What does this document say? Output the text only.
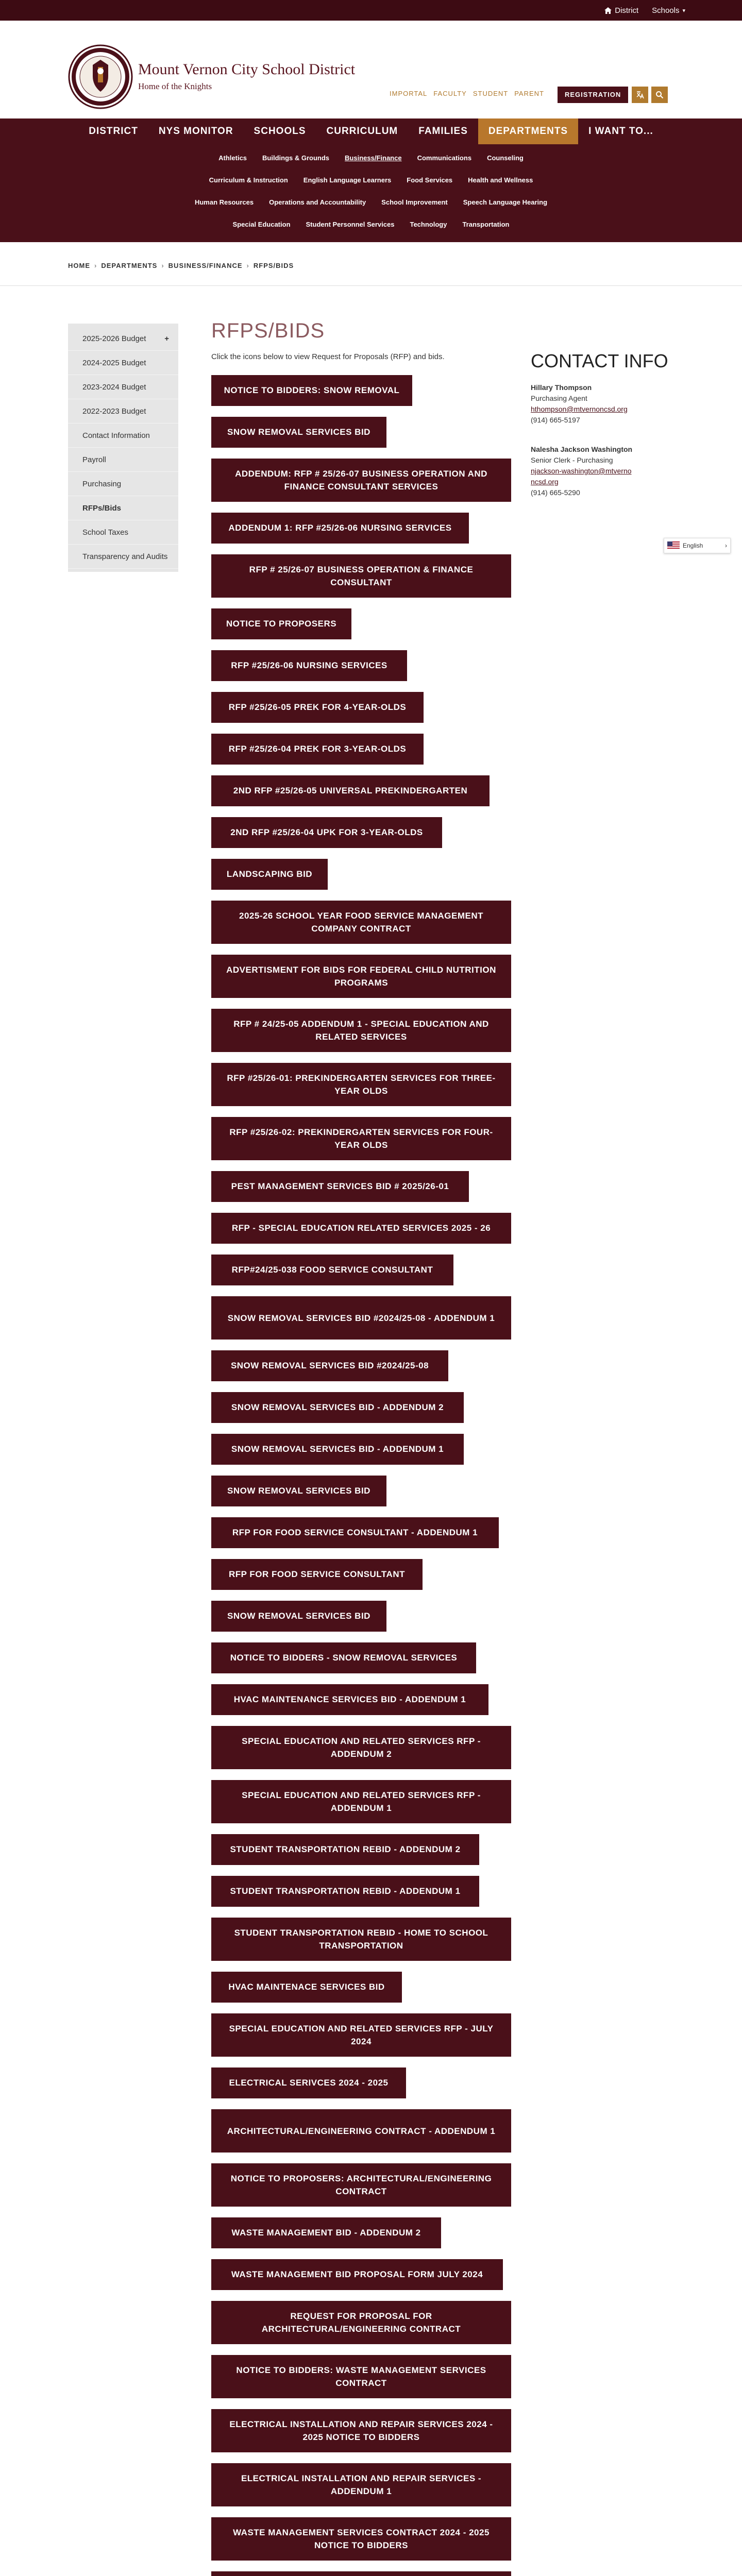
District Schools ▾
Mount Vernon City School District
Home of the Knights
IMPORTAL FACULTY STUDENT PARENT	REGISTRATION
DISTRICT	NYS MONITOR	SCHOOLS	CURRICULUM	FAMILIES	DEPARTMENTS	I WANT TO...
Athletics Buildings & Grounds Business/Finance Communications Counseling
Curriculum & Instruction English Language Learners Food Services Health and Wellness
Human Resources Operations and Accountability School Improvement Speech Language Hearing
Special Education Student Personnel Services Technology Transportation
HOME › DEPARTMENTS › BUSINESS/FINANCE › RFPS/BIDS
2025-2026 Budget +
2024-2025 Budget
2023-2024 Budget
2022-2023 Budget
Contact Information
Payroll
Purchasing
RFPs/Bids
School Taxes
Transparency and Audits
RFPS/BIDS
Click the icons below to view Request for Proposals (RFP) and bids.
NOTICE TO BIDDERS: SNOW REMOVAL
SNOW REMOVAL SERVICES BID
ADDENDUM: RFP # 25/26-07 BUSINESS OPERATION AND FINANCE CONSULTANT SERVICES
ADDENDUM 1: RFP #25/26-06 NURSING SERVICES
RFP # 25/26-07 BUSINESS OPERATION & FINANCE CONSULTANT
NOTICE TO PROPOSERS
RFP #25/26-06 NURSING SERVICES
RFP #25/26-05 PREK FOR 4-YEAR-OLDS
RFP #25/26-04 PREK FOR 3-YEAR-OLDS
2ND RFP #25/26-05 UNIVERSAL PREKINDERGARTEN
2ND RFP #25/26-04 UPK FOR 3-YEAR-OLDS
LANDSCAPING BID
2025-26 SCHOOL YEAR FOOD SERVICE MANAGEMENT COMPANY CONTRACT
ADVERTISMENT FOR BIDS FOR FEDERAL CHILD NUTRITION PROGRAMS
RFP # 24/25-05 ADDENDUM 1 - SPECIAL EDUCATION AND RELATED SERVICES
RFP #25/26-01: PREKINDERGARTEN SERVICES FOR THREE-YEAR OLDS
RFP #25/26-02: PREKINDERGARTEN SERVICES FOR FOUR-YEAR OLDS
PEST MANAGEMENT SERVICES BID # 2025/26-01
RFP - SPECIAL EDUCATION RELATED SERVICES 2025 - 26
RFP#24/25-038 FOOD SERVICE CONSULTANT
SNOW REMOVAL SERVICES BID #2024/25-08 - ADDENDUM 1
SNOW REMOVAL SERVICES BID #2024/25-08
SNOW REMOVAL SERVICES BID - ADDENDUM 2
SNOW REMOVAL SERVICES BID - ADDENDUM 1
SNOW REMOVAL SERVICES BID
RFP FOR FOOD SERVICE CONSULTANT - ADDENDUM 1
RFP FOR FOOD SERVICE CONSULTANT
SNOW REMOVAL SERVICES BID
NOTICE TO BIDDERS - SNOW REMOVAL SERVICES
HVAC MAINTENANCE SERVICES BID - ADDENDUM 1
SPECIAL EDUCATION AND RELATED SERVICES RFP - ADDENDUM 2
SPECIAL EDUCATION AND RELATED SERVICES RFP - ADDENDUM 1
STUDENT TRANSPORTATION REBID - ADDENDUM 2
STUDENT TRANSPORTATION REBID - ADDENDUM 1
STUDENT TRANSPORTATION REBID - HOME TO SCHOOL TRANSPORTATION
HVAC MAINTENACE SERVICES BID
SPECIAL EDUCATION AND RELATED SERVICES RFP - JULY 2024
ELECTRICAL SERIVCES 2024 - 2025
ARCHITECTURAL/ENGINEERING CONTRACT - ADDENDUM 1
NOTICE TO PROPOSERS: ARCHITECTURAL/ENGINEERING CONTRACT
WASTE MANAGEMENT BID - ADDENDUM 2
WASTE MANAGEMENT BID PROPOSAL FORM JULY 2024
REQUEST FOR PROPOSAL FOR ARCHITECTURAL/ENGINEERING CONTRACT
NOTICE TO BIDDERS: WASTE MANAGEMENT SERVICES CONTRACT
ELECTRICAL INSTALLATION AND REPAIR SERVICES 2024 - 2025 NOTICE TO BIDDERS
ELECTRICAL INSTALLATION AND REPAIR SERVICES - ADDENDUM 1
WASTE MANAGEMENT SERVICES CONTRACT 2024 - 2025 NOTICE TO BIDDERS
CONTACT INFO
Hillary Thompson
Purchasing Agent
hthompson@mtvernoncsd.org
(914) 665-5197
Nalesha Jackson Washington
Senior Clerk - Purchasing
njackson-washington@mtvernoncsd.org
(914) 665-5290
English	›
